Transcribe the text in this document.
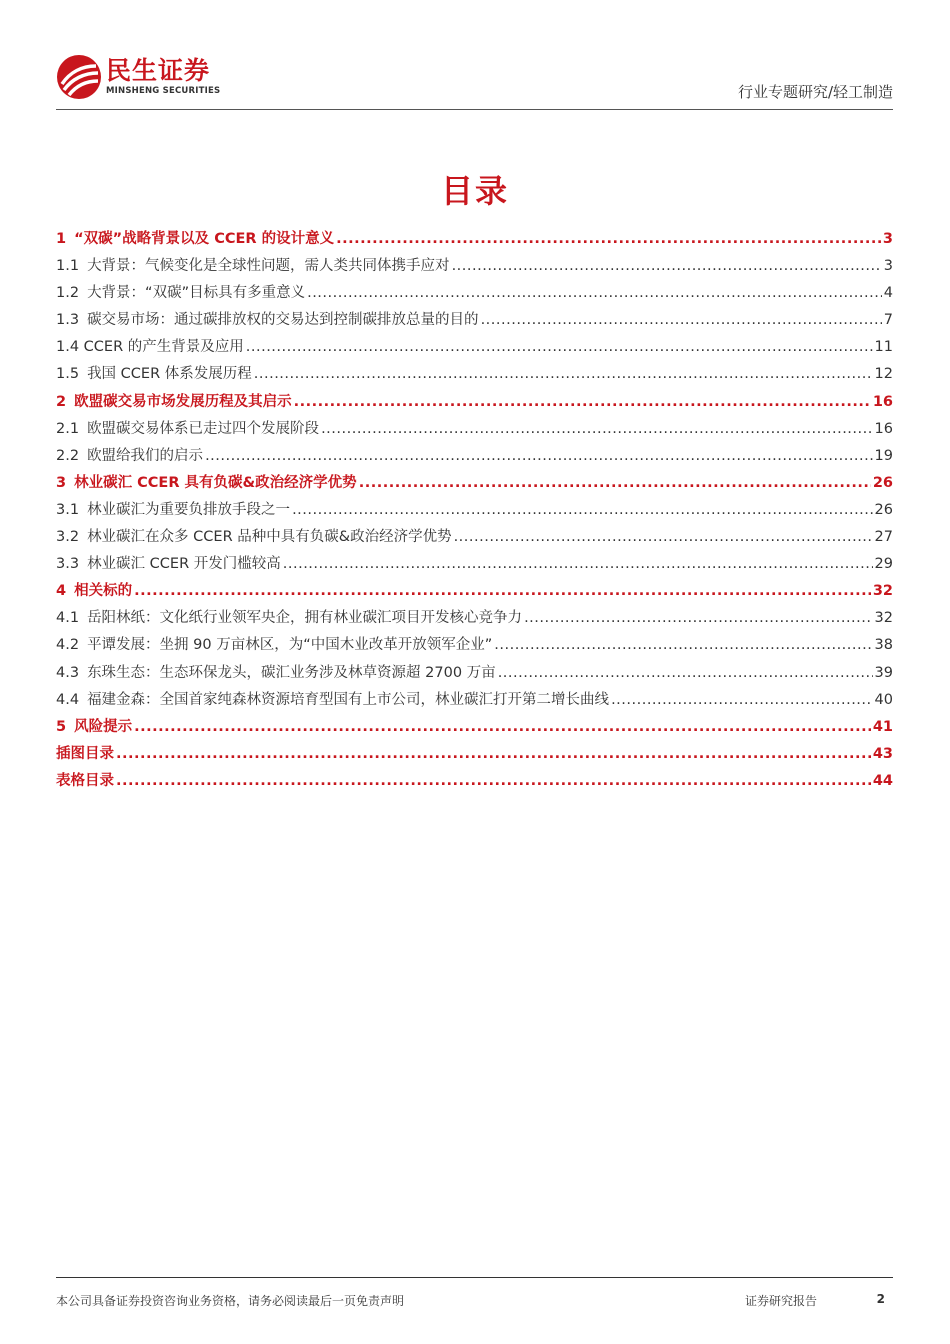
民生证券
MINSHENG SECURITIES	行业专题研究/轻工制造
目录
1 “双碳”战略背景以及 CCER 的设计意义 .....	3
1.1 大背景：气候变化是全球性问题，需人类共同体携手应对 .....	3
1.2 大背景：“双碳”目标具有多重意义 .....	4
1.3 碳交易市场：通过碳排放权的交易达到控制碳排放总量的目的 .....	7
1.4 CCER 的产生背景及应用 .....	11
1.5 我国 CCER 体系发展历程 .....	12
2 欧盟碳交易市场发展历程及其启示 .....	16
2.1 欧盟碳交易体系已走过四个发展阶段 .....	16
2.2 欧盟给我们的启示 .....	19
3 林业碳汇 CCER 具有负碳&政治经济学优势 .....	26
3.1 林业碳汇为重要负排放手段之一 .....	26
3.2 林业碳汇在众多 CCER 品种中具有负碳&政治经济学优势 .....	27
3.3 林业碳汇 CCER 开发门槛较高 .....	29
4 相关标的 .....	32
4.1 岳阳林纸：文化纸行业领军央企，拥有林业碳汇项目开发核心竞争力 .....	32
4.2 平谭发展：坐拥 90 万亩林区，为“中国木业改革开放领军企业” .....	38
4.3 东珠生态：生态环保龙头，碳汇业务涉及林草资源超 2700 万亩 .....	39
4.4 福建金森：全国首家纯森林资源培育型国有上市公司，林业碳汇打开第二增长曲线 .....	40
5 风险提示 .....	41
插图目录 .....	43
表格目录 .....	44
本公司具备证券投资咨询业务资格，请务必阅读最后一页免责声明	证券研究报告	2
